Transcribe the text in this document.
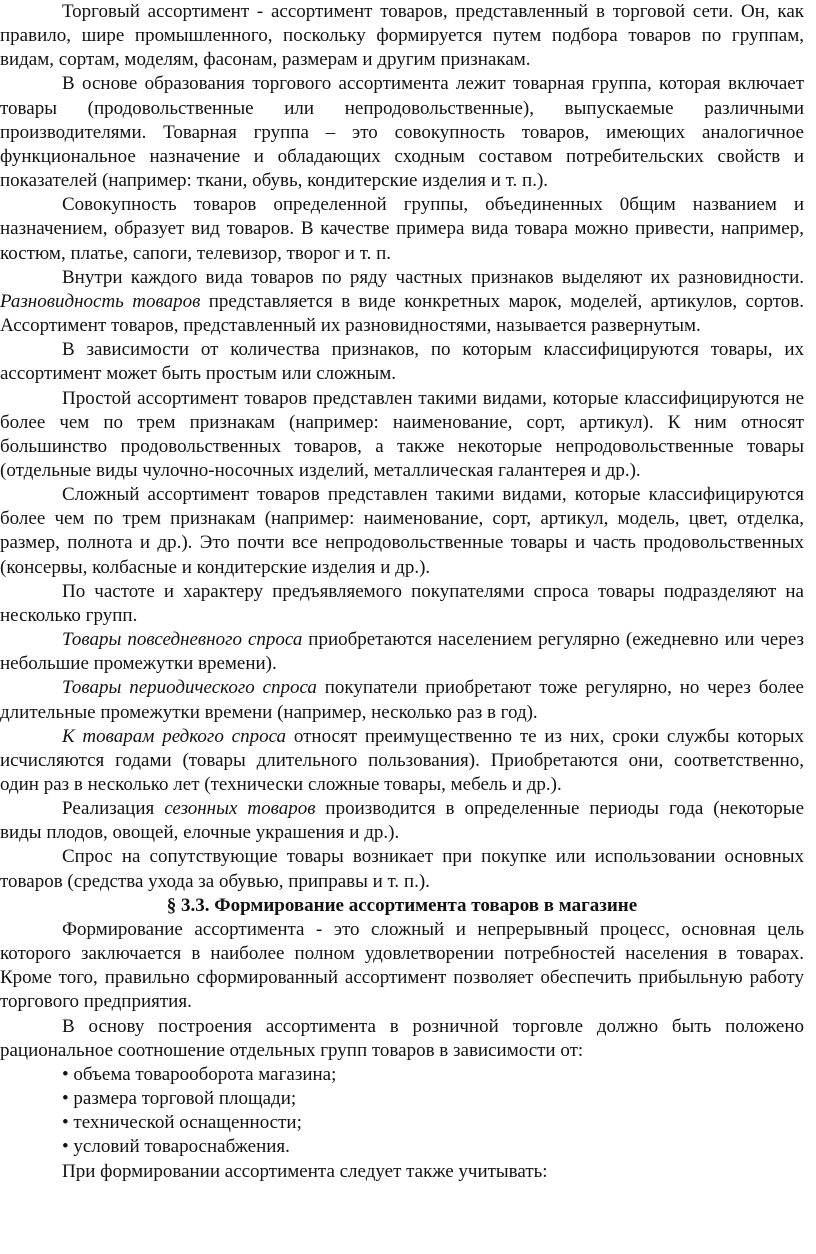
Торговый ассортимент - ассортимент товаров, представленный в торговой сети. Он, как правило, шире промышленного, поскольку формируется путем подбора товаров по группам, видам, сортам, моделям, фасонам, размерам и другим признакам.

В основе образования торгового ассортимента лежит товарная группа, которая включает товары (продовольственные или непродовольственные), выпускаемые различными производителями. Товарная группа – это совокупность товаров, имеющих аналогичное функциональное назначение и обладающих сходным составом потребительских свойств и показателей (например: ткани, обувь, кондитерские изделия и т. п.).

Совокупность товаров определенной группы, объединенных 0бщим названием и назначением, образует вид товаров. В качестве примера вида товара можно привести, например, костюм, платье, сапоги, телевизор, творог и т. п.

Внутри каждого вида товаров по ряду частных признаков выделяют их разновидности. Разновидность товаров представляется в виде конкретных марок, моделей, артикулов, сортов. Ассортимент товаров, представленный их разновидностями, называется развернутым.

В зависимости от количества признаков, по которым классифицируются товары, их ассортимент может быть простым или сложным.

Простой ассортимент товаров представлен такими видами, которые классифицируются не более чем по трем признакам (например: наименование, сорт, артикул). К ним относят большинство продовольственных товаров, а также некоторые непродовольственные товары (отдельные виды чулочно-носочных изделий, металлическая галантерея и др.).

Сложный ассортимент товаров представлен такими видами, которые классифицируются более чем по трем признакам (например: наименование, сорт, артикул, модель, цвет, отделка, размер, полнота и др.). Это почти все непродовольственные товары и часть продовольственных (консервы, колбасные и кондитерские изделия и др.).

По частоте и характеру предъявляемого покупателями спроса товары подразделяют на несколько групп.

Товары повседневного спроса приобретаются населением регулярно (ежедневно или через небольшие промежутки времени).

Товары периодического спроса покупатели приобретают тоже регулярно, но через более длительные промежутки времени (например, несколько раз в год).

К товарам редкого спроса относят преимущественно те из них, сроки службы которых исчисляются годами (товары длительного пользования). Приобретаются они, соответственно, один раз в несколько лет (технически сложные товары, мебель и др.).

Реализация сезонных товаров производится в определенные периоды года (некоторые виды плодов, овощей, елочные украшения и др.).

Спрос на сопутствующие товары возникает при покупке или использовании основных товаров (средства ухода за обувью, приправы и т. п.).

§ 3.3. Формирование ассортимента товаров в магазине

Формирование ассортимента - это сложный и непрерывный процесс, основная цель которого заключается в наиболее полном удовлетворении потребностей населения в товарах. Кроме того, правильно сформированный ассортимент позволяет обеспечить прибыльную работу торгового предприятия.

В основу построения ассортимента в розничной торговле должно быть положено рациональное соотношение отдельных групп товаров в зависимости от:

• объема товарооборота магазина;

• размера торговой площади;

• технической оснащенности;

• условий товароснабжения.

При формировании ассортимента следует также учитывать:
